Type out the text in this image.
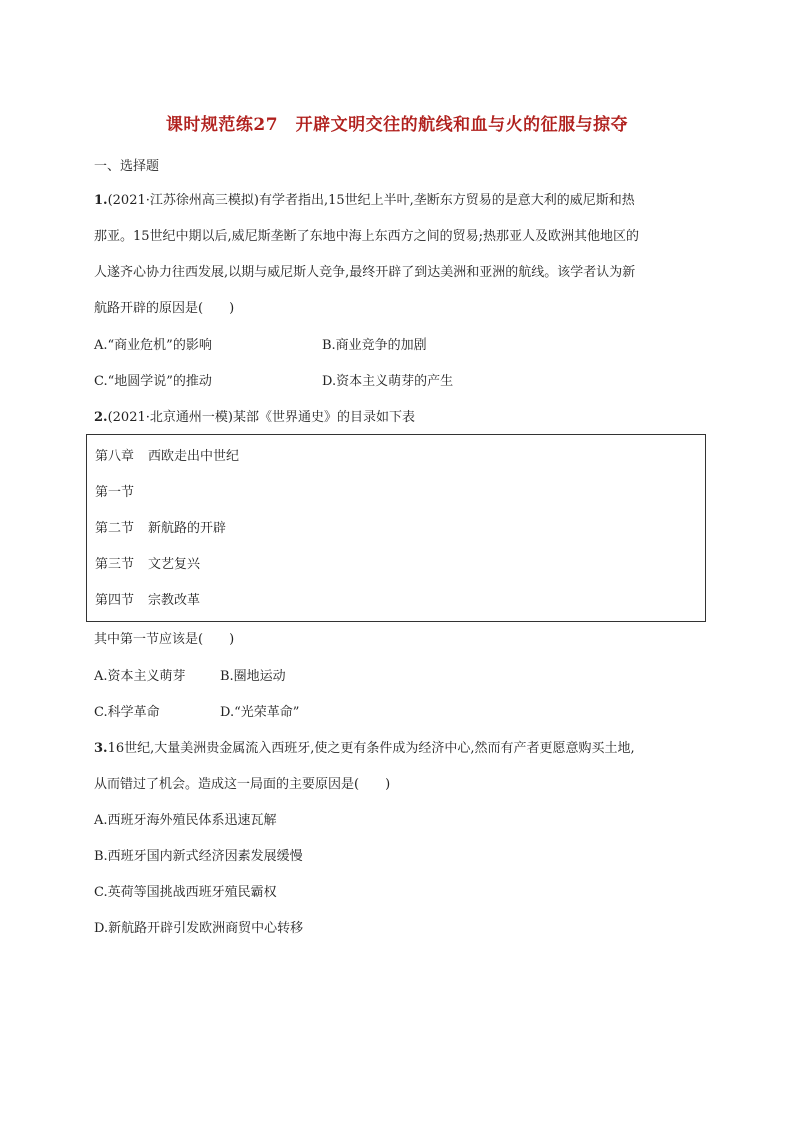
课时规范练27　开辟文明交往的航线和血与火的征服与掠夺
一、选择题
1.(2021·江苏徐州高三模拟)有学者指出,15世纪上半叶,垄断东方贸易的是意大利的威尼斯和热
那亚。15世纪中期以后,威尼斯垄断了东地中海上东西方之间的贸易;热那亚人及欧洲其他地区的
人遂齐心协力往西发展,以期与威尼斯人竞争,最终开辟了到达美洲和亚洲的航线。该学者认为新
航路开辟的原因是(　　)
A.“商业危机”的影响	B.商业竞争的加剧
C.“地圆学说”的推动	D.资本主义萌芽的产生
2.(2021·北京通州一模)某部《世界通史》的目录如下表
第八章 西欧走出中世纪
第一节
第二节 新航路的开辟
第三节 文艺复兴
第四节 宗教改革
其中第一节应该是(　　)
A.资本主义萌芽	B.圈地运动
C.科学革命	D.“光荣革命”
3.16世纪,大量美洲贵金属流入西班牙,使之更有条件成为经济中心,然而有产者更愿意购买土地,
从而错过了机会。造成这一局面的主要原因是(　　)
A.西班牙海外殖民体系迅速瓦解
B.西班牙国内新式经济因素发展缓慢
C.英荷等国挑战西班牙殖民霸权
D.新航路开辟引发欧洲商贸中心转移
